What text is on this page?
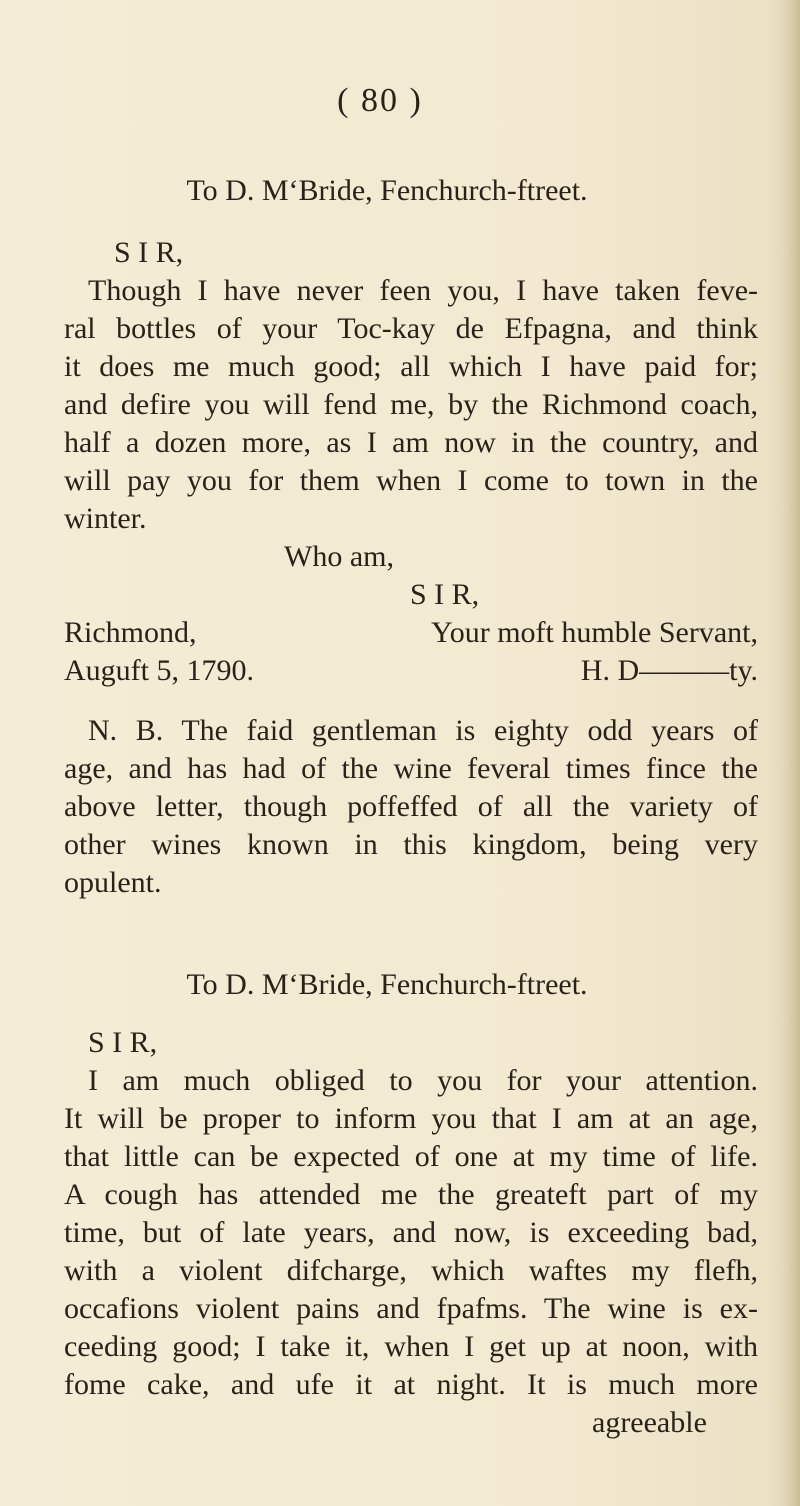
( 80 )
To D. M‘Bride, Fenchurch-ftreet.
S I R,
Though I have never feen you, I have taken feve-
ral bottles of your Toc-kay de Efpagna, and think
it does me much good; all which I have paid for;
and defire you will fend me, by the Richmond coach,
half a dozen more, as I am now in the country, and
will pay you for them when I come to town in the
winter.
Who am,
S I R,
Richmond,	Your moft humble Servant,
Auguft 5, 1790.	H. D———ty.
N. B. The faid gentleman is eighty odd years of
age, and has had of the wine feveral times fince the
above letter, though poffeffed of all the variety of
other wines known in this kingdom, being very
opulent.
To D. M‘Bride, Fenchurch-ftreet.
S I R,
I am much obliged to you for your attention.
It will be proper to inform you that I am at an age,
that little can be expected of one at my time of life.
A cough has attended me the greateft part of my
time, but of late years, and now, is exceeding bad,
with a violent difcharge, which waftes my flefh,
occafions violent pains and fpafms. The wine is ex-
ceeding good; I take it, when I get up at noon, with
fome cake, and ufe it at night. It is much more
agreeable
